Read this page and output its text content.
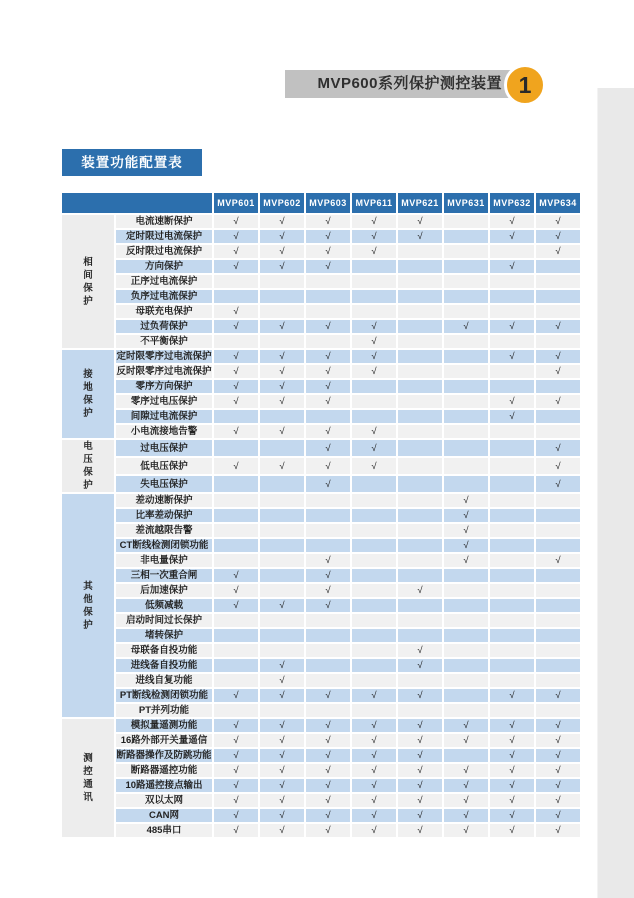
MVP600系列保护测控装置 1
装置功能配置表
		MVP601	MVP602	MVP603	MVP611	MVP621	MVP631	MVP632	MVP634
相
间
保
护	电流速断保护	√	√	√	√	√		√	√
	定时限过电流保护	√	√	√	√	√		√	√
	反时限过电流保护	√	√	√	√				√
	方向保护	√	√	√				√	
	正序过电流保护								
	负序过电流保护								
	母联充电保护	√							
	过负荷保护	√	√	√	√		√	√	√
	不平衡保护				√				
接
地
保
护	定时限零序过电流保护	√	√	√	√			√	√
	反时限零序过电流保护	√	√	√	√				√
	零序方向保护	√	√	√					
	零序过电压保护	√	√	√				√	√
	间隙过电流保护							√	
	小电流接地告警	√	√	√	√				
电
压
保
护	过电压保护			√	√				√
	低电压保护	√	√	√	√				√
	失电压保护			√					√
其
他
保
护	差动速断保护						√		
	比率差动保护						√		
	差流越限告警						√		
	CT断线检测闭锁功能						√		
	非电量保护			√			√		√
	三相一次重合闸	√		√					
	后加速保护	√		√		√			
	低频减载	√	√	√					
	启动时间过长保护								
	堵转保护								
	母联备自投功能					√			
	进线备自投功能		√			√			
	进线自复功能		√						
	PT断线检测闭锁功能	√	√	√	√	√		√	√
	PT并列功能								
测
控
通
讯	模拟量遥测功能	√	√	√	√	√	√	√	√
	16路外部开关量遥信	√	√	√	√	√	√	√	√
	断路器操作及防跳功能	√	√	√	√	√		√	√
	断路器遥控功能	√	√	√	√	√	√	√	√
	10路遥控接点输出	√	√	√	√	√	√	√	√
	双以太网	√	√	√	√	√	√	√	√
	CAN网	√	√	√	√	√	√	√	√
	485串口	√	√	√	√	√	√	√	√
